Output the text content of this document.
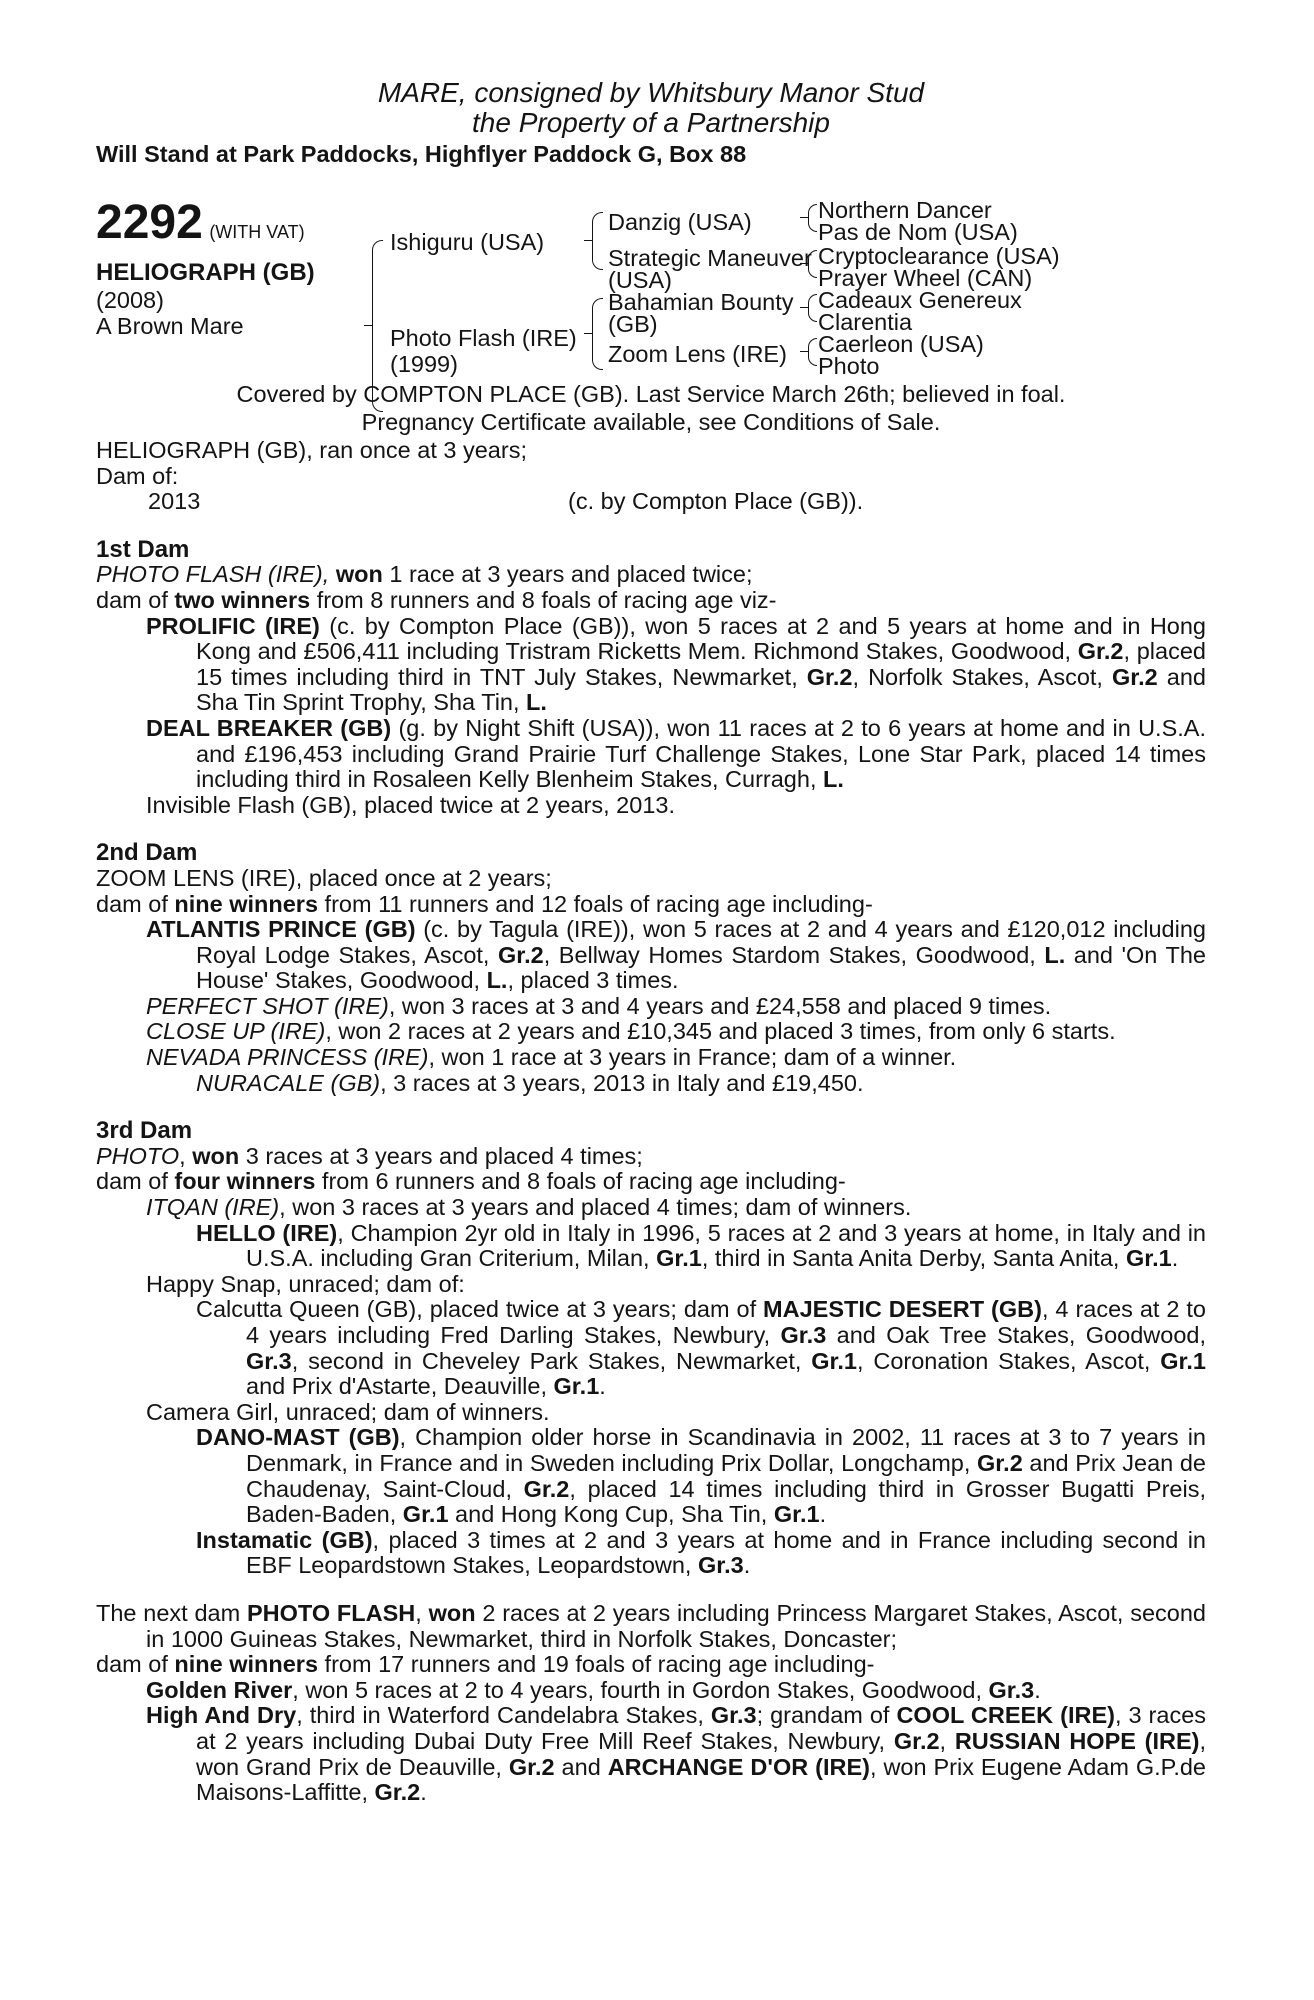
MARE, consigned by Whitsbury Manor Stud
the Property of a Partnership
Will Stand at Park Paddocks, Highflyer Paddock G, Box 88
2292 (WITH VAT)
HELIOGRAPH (GB)
(2008)
A Brown Mare
Ishiguru (USA)
Photo Flash (IRE)
(1999)
Danzig (USA)
Strategic Maneuver
(USA)
Bahamian Bounty
(GB)
Zoom Lens (IRE)
Northern Dancer
Pas de Nom (USA)
Cryptoclearance (USA)
Prayer Wheel (CAN)
Cadeaux Genereux
Clarentia
Caerleon (USA)
Photo
Covered by COMPTON PLACE (GB). Last Service March 26th; believed in foal.
Pregnancy Certificate available, see Conditions of Sale.

HELIOGRAPH (GB), ran once at 3 years;

Dam of:

2013	(c. by Compton Place (GB)).

1st Dam

PHOTO FLASH (IRE), won 1 race at 3 years and placed twice;

dam of two winners from 8 runners and 8 foals of racing age viz-

PROLIFIC (IRE) (c. by Compton Place (GB)), won 5 races at 2 and 5 years at home and in Hong Kong and £506,411 including Tristram Ricketts Mem. Richmond Stakes, Goodwood, Gr.2, placed 15 times including third in TNT July Stakes, Newmarket, Gr.2, Norfolk Stakes, Ascot, Gr.2 and Sha Tin Sprint Trophy, Sha Tin, L.

DEAL BREAKER (GB) (g. by Night Shift (USA)), won 11 races at 2 to 6 years at home and in U.S.A. and £196,453 including Grand Prairie Turf Challenge Stakes, Lone Star Park, placed 14 times including third in Rosaleen Kelly Blenheim Stakes, Curragh, L.

Invisible Flash (GB), placed twice at 2 years, 2013.

2nd Dam

ZOOM LENS (IRE), placed once at 2 years;

dam of nine winners from 11 runners and 12 foals of racing age including-

ATLANTIS PRINCE (GB) (c. by Tagula (IRE)), won 5 races at 2 and 4 years and £120,012 including Royal Lodge Stakes, Ascot, Gr.2, Bellway Homes Stardom Stakes, Goodwood, L. and 'On The House' Stakes, Goodwood, L., placed 3 times.

PERFECT SHOT (IRE), won 3 races at 3 and 4 years and £24,558 and placed 9 times.

CLOSE UP (IRE), won 2 races at 2 years and £10,345 and placed 3 times, from only 6 starts.

NEVADA PRINCESS (IRE), won 1 race at 3 years in France; dam of a winner.

NURACALE (GB), 3 races at 3 years, 2013 in Italy and £19,450.

3rd Dam

PHOTO, won 3 races at 3 years and placed 4 times;

dam of four winners from 6 runners and 8 foals of racing age including-

ITQAN (IRE), won 3 races at 3 years and placed 4 times; dam of winners.

HELLO (IRE), Champion 2yr old in Italy in 1996, 5 races at 2 and 3 years at home, in Italy and in U.S.A. including Gran Criterium, Milan, Gr.1, third in Santa Anita Derby, Santa Anita, Gr.1.

Happy Snap, unraced; dam of:

Calcutta Queen (GB), placed twice at 3 years; dam of MAJESTIC DESERT (GB), 4 races at 2 to 4 years including Fred Darling Stakes, Newbury, Gr.3 and Oak Tree Stakes, Goodwood, Gr.3, second in Cheveley Park Stakes, Newmarket, Gr.1, Coronation Stakes, Ascot, Gr.1 and Prix d'Astarte, Deauville, Gr.1.

Camera Girl, unraced; dam of winners.

DANO-MAST (GB), Champion older horse in Scandinavia in 2002, 11 races at 3 to 7 years in Denmark, in France and in Sweden including Prix Dollar, Longchamp, Gr.2 and Prix Jean de Chaudenay, Saint-Cloud, Gr.2, placed 14 times including third in Grosser Bugatti Preis, Baden-Baden, Gr.1 and Hong Kong Cup, Sha Tin, Gr.1.

Instamatic (GB), placed 3 times at 2 and 3 years at home and in France including second in EBF Leopardstown Stakes, Leopardstown, Gr.3.

The next dam PHOTO FLASH, won 2 races at 2 years including Princess Margaret Stakes, Ascot, second in 1000 Guineas Stakes, Newmarket, third in Norfolk Stakes, Doncaster;

dam of nine winners from 17 runners and 19 foals of racing age including-

Golden River, won 5 races at 2 to 4 years, fourth in Gordon Stakes, Goodwood, Gr.3.

High And Dry, third in Waterford Candelabra Stakes, Gr.3; grandam of COOL CREEK (IRE), 3 races at 2 years including Dubai Duty Free Mill Reef Stakes, Newbury, Gr.2, RUSSIAN HOPE (IRE), won Grand Prix de Deauville, Gr.2 and ARCHANGE D'OR (IRE), won Prix Eugene Adam G.P.de Maisons-Laffitte, Gr.2.
